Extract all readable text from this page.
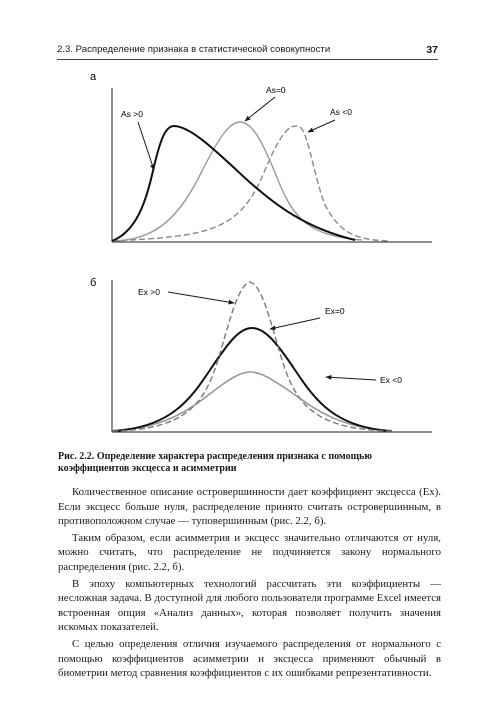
2.3. Распределение признака в статистической совокупности	37
а
As >0
As=0
As <0
б
Ex >0
Ex=0
Ex <0
Рис. 2.2. Определение характера распределения признака с помощью коэффициентов эксцесса и асимметрии

Количественное описание островершинности дает коэффициент эксцесса (Ex). Если эксцесс больше нуля, распределение принято считать островершинным, в противоположном случае — туповершинным (рис. 2.2, б).

Таким образом, если асимметрия и эксцесс значительно отличаются от нуля, можно считать, что распределение не подчиняется закону нормального распределения (рис. 2.2, б).

В эпоху компьютерных технологий рассчитать эти коэффициенты — несложная задача. В доступной для любого пользователя программе Excel имеется встроенная опция «Анализ данных», которая позволяет получить значения искомых показателей.

С целью определения отличия изучаемого распределения от нормального с помощью коэффициентов асимметрии и эксцесса применяют обычный в биометрии метод сравнения коэффициентов с их ошибками репрезентативности.
